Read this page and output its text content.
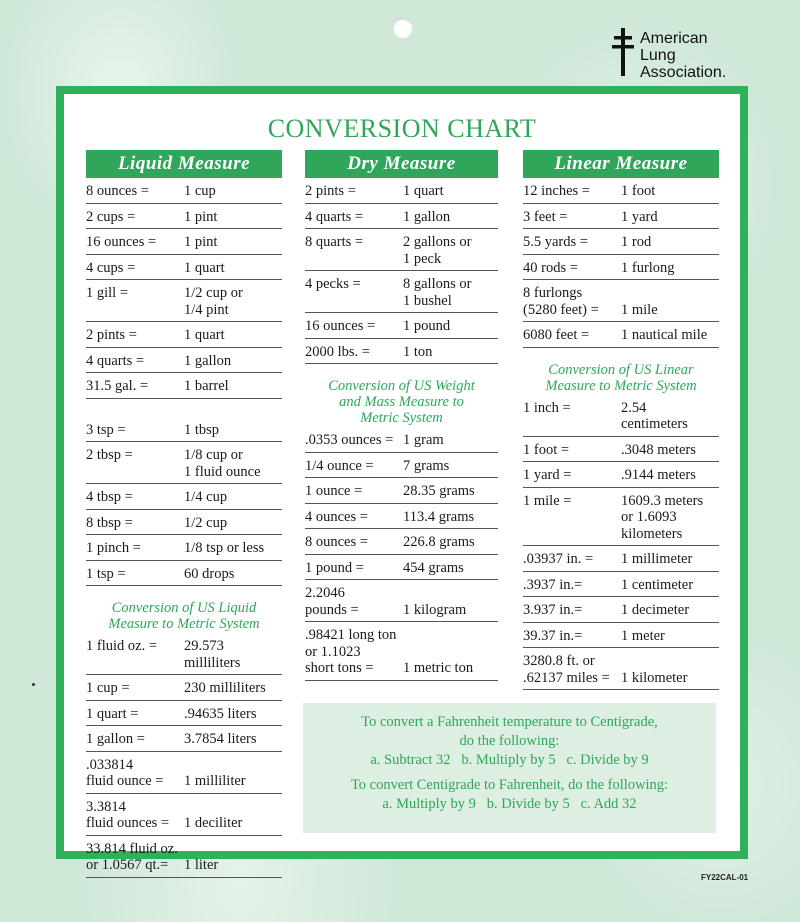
American
Lung
Association.
CONVERSION CHART
Liquid Measure
8 ounces =	1 cup
2 cups =	1 pint
16 ounces =	1 pint
4 cups =	1 quart
1 gill =	1/2 cup or
1/4 pint
2 pints =	1 quart
4 quarts =	1 gallon
31.5 gal. =	1 barrel
3 tsp =	1 tbsp
2 tbsp =	1/8 cup or
1 fluid ounce
4 tbsp =	1/4 cup
8 tbsp =	1/2 cup
1 pinch =	1/8 tsp or less
1 tsp =	60 drops
Conversion of US Liquid
Measure to Metric System
1 fluid oz. =	29.573
milliliters
1 cup =	230 milliliters
1 quart =	.94635 liters
1 gallon =	3.7854 liters
.033814
fluid ounce =	1 milliliter
3.3814
fluid ounces =	1 deciliter
33.814 fluid oz.
or 1.0567 qt.=	1 liter
Dry Measure
2 pints =	1 quart
4 quarts =	1 gallon
8 quarts =	2 gallons or
1 peck
4 pecks =	8 gallons or
1 bushel
16 ounces =	1 pound
2000 lbs. =	1 ton
Conversion of US Weight
and Mass Measure to
Metric System
.0353 ounces = 1 gram
1/4 ounce =	7 grams
1 ounce =	28.35 grams
4 ounces =	113.4 grams
8 ounces =	226.8 grams
1 pound =	454 grams
2.2046
pounds =	1 kilogram
.98421 long ton
or 1.1023
short tons =	1 metric ton
Linear Measure
12 inches =	1 foot
3 feet =	1 yard
5.5 yards =	1 rod
40 rods =	1 furlong
8 furlongs
(5280 feet) =	1 mile
6080 feet =	1 nautical mile
Conversion of US Linear
Measure to Metric System
1 inch =	2.54
centimeters
1 foot =	.3048 meters
1 yard =	.9144 meters
1 mile =	1609.3 meters
or 1.6093
kilometers
.03937 in. =	1 millimeter
.3937 in.=	1 centimeter
3.937 in.=	1 decimeter
39.37 in.=	1 meter
3280.8 ft. or
.62137 miles = 1 kilometer
To convert a Fahrenheit temperature to Centigrade,
do the following:
a. Subtract 32   b. Multiply by 5   c. Divide by 9
To convert Centigrade to Fahrenheit, do the following:
a. Multiply by 9   b. Divide by 5   c. Add 32
FY22CAL-01
